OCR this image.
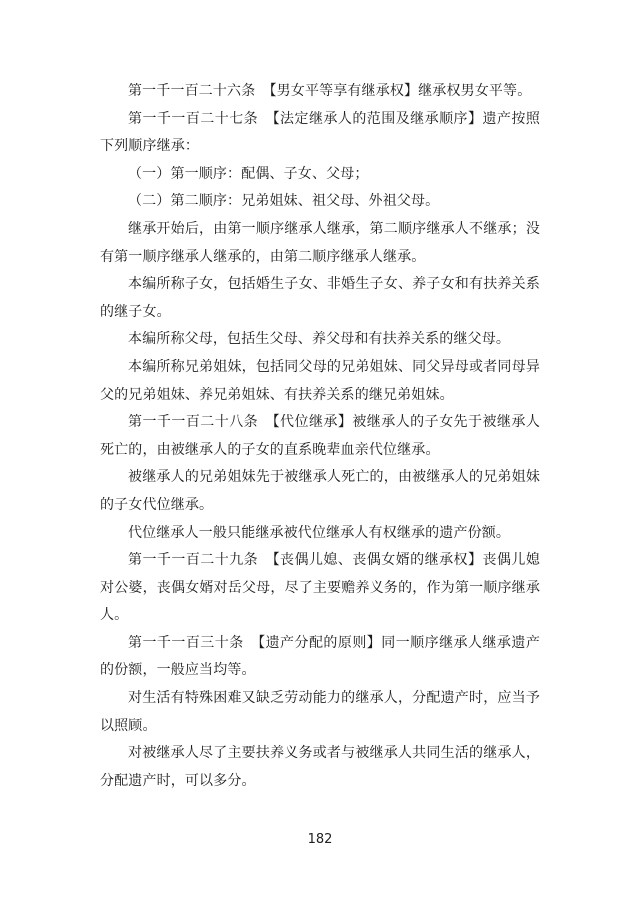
第一千一百二十六条　【男女平等享有继承权】继承权男女平等。

第一千一百二十七条　【法定继承人的范围及继承顺序】遗产按照下列顺序继承：

（一）第一顺序：配偶、子女、父母；

（二）第二顺序：兄弟姐妹、祖父母、外祖父母。

继承开始后，由第一顺序继承人继承，第二顺序继承人不继承；没有第一顺序继承人继承的，由第二顺序继承人继承。

本编所称子女，包括婚生子女、非婚生子女、养子女和有扶养关系的继子女。

本编所称父母，包括生父母、养父母和有扶养关系的继父母。

本编所称兄弟姐妹，包括同父母的兄弟姐妹、同父异母或者同母异父的兄弟姐妹、养兄弟姐妹、有扶养关系的继兄弟姐妹。

第一千一百二十八条　【代位继承】被继承人的子女先于被继承人死亡的，由被继承人的子女的直系晚辈血亲代位继承。

被继承人的兄弟姐妹先于被继承人死亡的，由被继承人的兄弟姐妹的子女代位继承。

代位继承人一般只能继承被代位继承人有权继承的遗产份额。

第一千一百二十九条　【丧偶儿媳、丧偶女婿的继承权】丧偶儿媳对公婆，丧偶女婿对岳父母，尽了主要赡养义务的，作为第一顺序继承人。

第一千一百三十条　【遗产分配的原则】同一顺序继承人继承遗产的份额，一般应当均等。

对生活有特殊困难又缺乏劳动能力的继承人，分配遗产时，应当予以照顾。

对被继承人尽了主要扶养义务或者与被继承人共同生活的继承人，分配遗产时，可以多分。

182
